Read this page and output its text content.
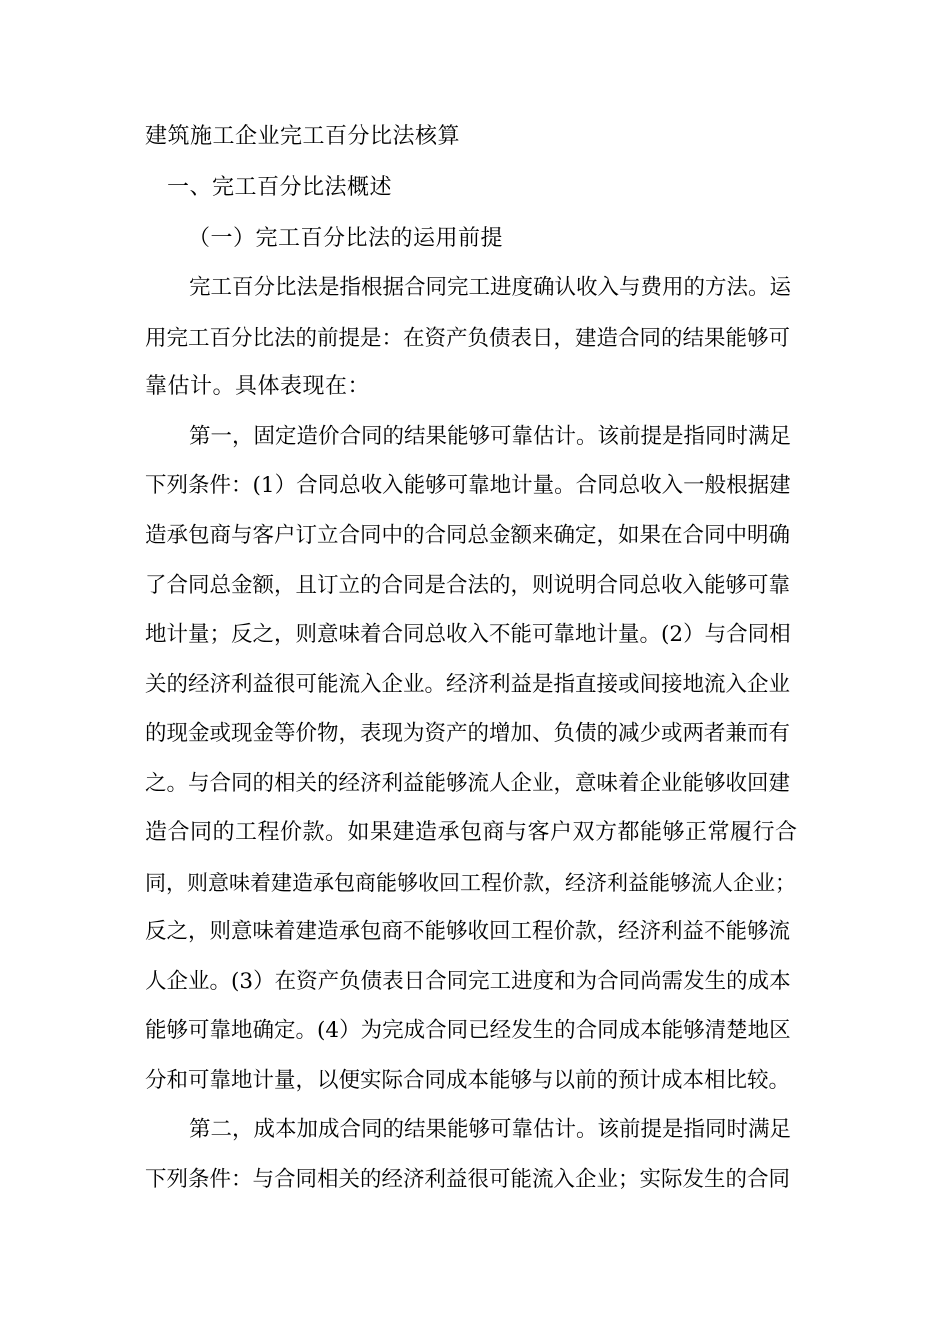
建筑施工企业完工百分比法核算

一、完工百分比法概述

（一）完工百分比法的运用前提

完工百分比法是指根据合同完工进度确认收入与费用的方法。运

用完工百分比法的前提是：在资产负债表日，建造合同的结果能够可

靠估计。具体表现在：

第一，固定造价合同的结果能够可靠估计。该前提是指同时满足

下列条件：(1）合同总收入能够可靠地计量。合同总收入一般根据建

造承包商与客户订立合同中的合同总金额来确定，如果在合同中明确

了合同总金额，且订立的合同是合法的，则说明合同总收入能够可靠

地计量；反之，则意味着合同总收入不能可靠地计量。(2）与合同相

关的经济利益很可能流入企业。经济利益是指直接或间接地流入企业

的现金或现金等价物，表现为资产的增加、负债的减少或两者兼而有

之。与合同的相关的经济利益能够流人企业，意味着企业能够收回建

造合同的工程价款。如果建造承包商与客户双方都能够正常履行合

同，则意味着建造承包商能够收回工程价款，经济利益能够流人企业；

反之，则意味着建造承包商不能够收回工程价款，经济利益不能够流

人企业。(3）在资产负债表日合同完工进度和为合同尚需发生的成本

能够可靠地确定。(4）为完成合同已经发生的合同成本能够清楚地区

分和可靠地计量，以便实际合同成本能够与以前的预计成本相比较。

第二，成本加成合同的结果能够可靠估计。该前提是指同时满足

下列条件：与合同相关的经济利益很可能流入企业；实际发生的合同
